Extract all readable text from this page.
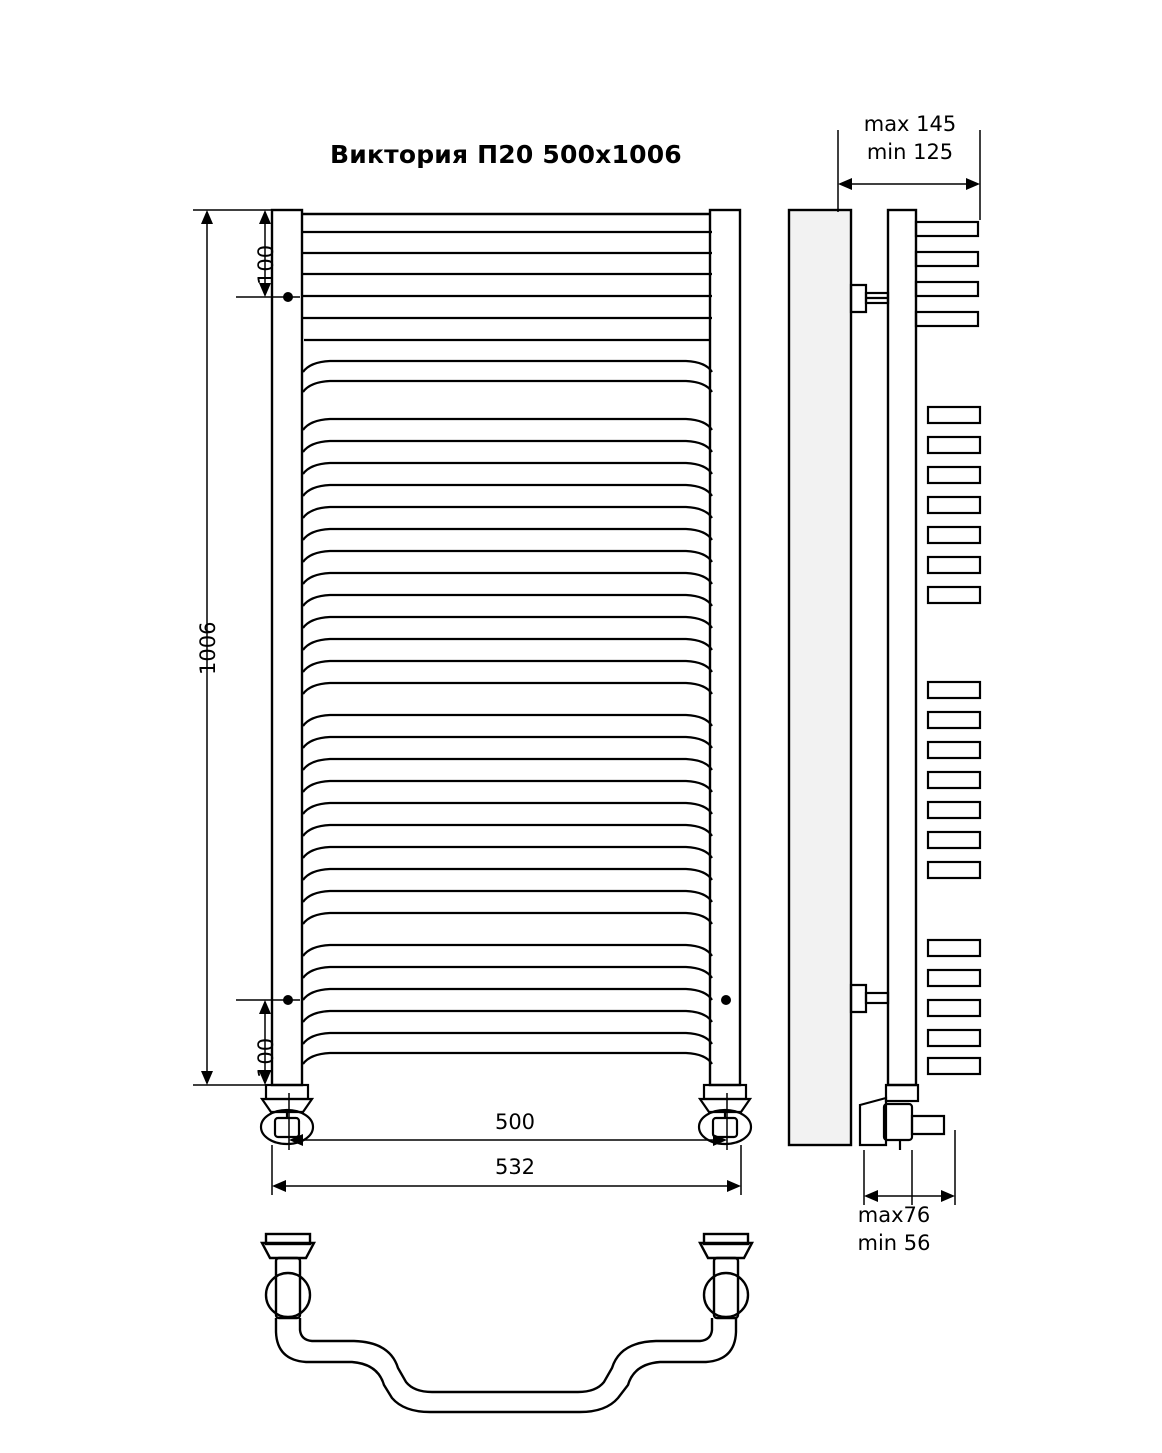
Виктория П20 500x1006
1006
100
100
500
532
max 145
min 125
max76
min 56
